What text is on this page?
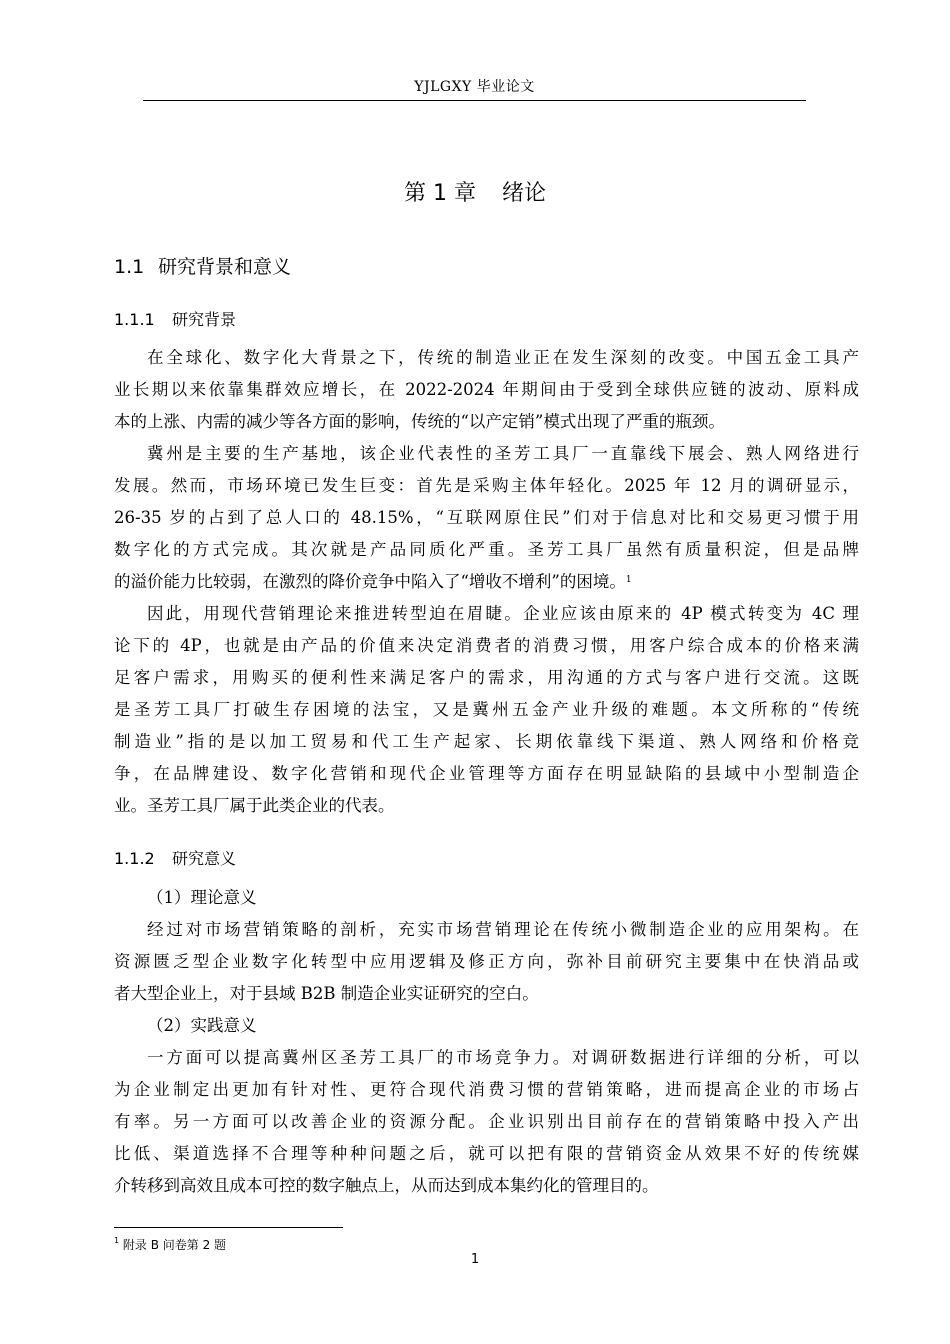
YJLGXY 毕业论文
第 1 章 绪论
1.1 研究背景和意义
1.1.1 研究背景
在全球化、数字化大背景之下，传统的制造业正在发生深刻的改变。中国五金工具产
业长期以来依靠集群效应增长，在 2022-2024 年期间由于受到全球供应链的波动、原料成
本的上涨、内需的减少等各方面的影响，传统的“以产定销”模式出现了严重的瓶颈。
冀州是主要的生产基地，该企业代表性的圣芳工具厂一直靠线下展会、熟人网络进行
发展。然而，市场环境已发生巨变：首先是采购主体年轻化。2025 年 12 月的调研显示，
26-35 岁的占到了总人口的 48.15%，“互联网原住民”们对于信息对比和交易更习惯于用
数字化的方式完成。其次就是产品同质化严重。圣芳工具厂虽然有质量积淀，但是品牌
的溢价能力比较弱，在激烈的降价竞争中陷入了“增收不增利”的困境。$^1$
因此，用现代营销理论来推进转型迫在眉睫。企业应该由原来的 4P 模式转变为 4C 理
论下的 4P，也就是由产品的价值来决定消费者的消费习惯，用客户综合成本的价格来满
足客户需求，用购买的便利性来满足客户的需求，用沟通的方式与客户进行交流。这既
是圣芳工具厂打破生存困境的法宝，又是冀州五金产业升级的难题。本文所称的“传统
制造业”指的是以加工贸易和代工生产起家、长期依靠线下渠道、熟人网络和价格竞
争，在品牌建设、数字化营销和现代企业管理等方面存在明显缺陷的县域中小型制造企
业。圣芳工具厂属于此类企业的代表。
1.1.2 研究意义
（1）理论意义
经过对市场营销策略的剖析，充实市场营销理论在传统小微制造企业的应用架构。在
资源匮乏型企业数字化转型中应用逻辑及修正方向，弥补目前研究主要集中在快消品或
者大型企业上，对于县域 B2B 制造企业实证研究的空白。
（2）实践意义
一方面可以提高冀州区圣芳工具厂的市场竞争力。对调研数据进行详细的分析，可以
为企业制定出更加有针对性、更符合现代消费习惯的营销策略，进而提高企业的市场占
有率。另一方面可以改善企业的资源分配。企业识别出目前存在的营销策略中投入产出
比低、渠道选择不合理等种种问题之后，就可以把有限的营销资金从效果不好的传统媒
介转移到高效且成本可控的数字触点上，从而达到成本集约化的管理目的。
$^1$ 附录 B 问卷第 2 题
1
